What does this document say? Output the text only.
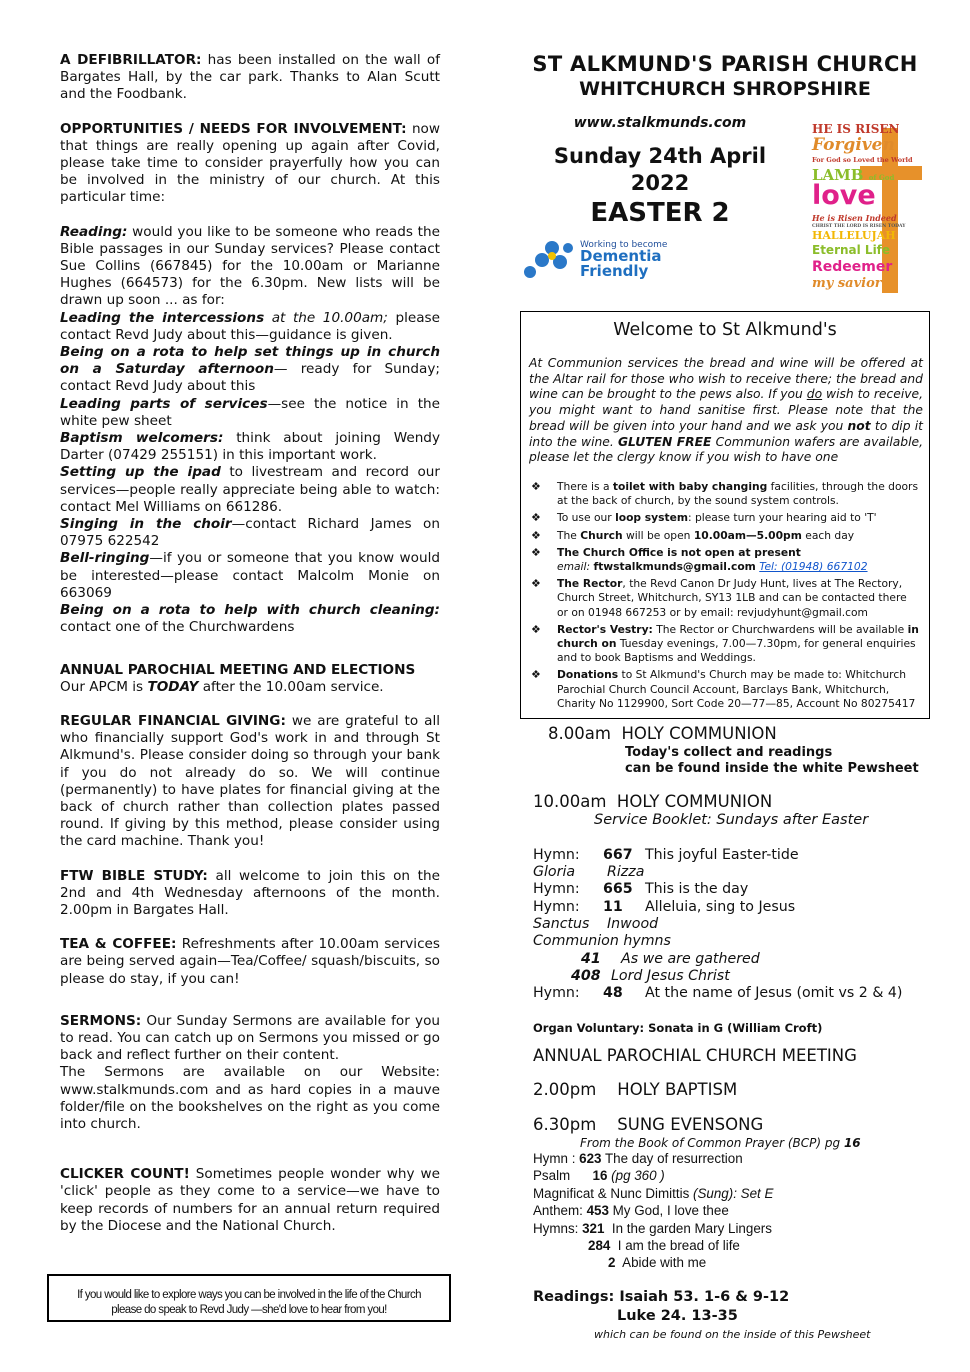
A DEFIBRILLATOR: has been installed on the wall of Bargates Hall, by the car park. Thanks to Alan Scutt and the Foodbank.

OPPORTUNITIES / NEEDS FOR INVOLVEMENT: now that things are really opening up again after Covid, please take time to consider prayerfully how you can be involved in the ministry of our church. At this particular time:

Reading: would you like to be someone who reads the Bible passages in our Sunday services? Please contact Sue Collins (667845) for the 10.00am or Marianne Hughes (664573) for the 6.30pm. New lists will be drawn up soon ... as for:

Leading the intercessions at the 10.00am; please contact Revd Judy about this—guidance is given.

Being on a rota to help set things up in church on a Saturday afternoon— ready for Sunday; contact Revd Judy about this

Leading parts of services—see the notice in the white pew sheet

Baptism welcomers: think about joining Wendy Darter (07429 255151) in this important work.

Setting up the ipad to livestream and record our services—people really appreciate being able to watch: contact Mel Williams on 661286.

Singing in the choir—contact Richard James on 07975 622542

Bell-ringing—if you or someone that you know would be interested—please contact Malcolm Monie on 663069

Being on a rota to help with church cleaning: contact one of the Churchwardens

ANNUAL PAROCHIAL MEETING AND ELECTIONS

Our APCM is TODAY after the 10.00am service.

REGULAR FINANCIAL GIVING: we are grateful to all who financially support God's work in and through St Alkmund's. Please consider doing so through your bank if you do not already do so. We will continue (permanently) to have plates for financial giving at the back of church rather than collection plates passed round. If giving by this method, please consider using the card machine. Thank you!

FTW BIBLE STUDY: all welcome to join this on the 2nd and 4th Wednesday afternoons of the month. 2.00pm in Bargates Hall.

TEA & COFFEE: Refreshments after 10.00am services are being served again—Tea/Coffee/ squash/biscuits, so please do stay, if you can!

SERMONS: Our Sunday Sermons are available for you to read. You can catch up on Sermons you missed or go back and reflect further on their content.

The Sermons are available on our Website: www.stalkmunds.com and as hard copies in a mauve folder/file on the bookshelves on the right as you come into church.

CLICKER COUNT! Sometimes people wonder why we 'click' people as they come to a service—we have to keep records of numbers for an annual return required by the Diocese and the National Church.

If you would like to explore ways you can be involved in the life of the Church
please do speak to Revd Judy —she'd love to hear from you!
ST ALKMUND'S PARISH CHURCH
WHITCHURCH SHROPSHIRE
www.stalkmunds.com
Sunday 24th April
2022
EASTER 2
Working to become
Dementia
Friendly
HE IS RISEN
Forgiven
For God so Loved the World
LAMB of God
love
He is Risen Indeed
CHRIST THE LORD IS RISEN TODAY
HALLELUJAH
Eternal Life
Redeemer
my savior
Welcome to St Alkmund's
At Communion services the bread and wine will be offered at the Altar rail for those who wish to receive there; the bread and wine can be brought to the pews also. If you do wish to receive, you might want to hand sanitise first. Please note that the bread will be given into your hand and we ask you not to dip it into the wine. GLUTEN FREE Communion wafers are available, please let the clergy know if you wish to have one
❖ There is a toilet with baby changing facilities, through the doors at the back of church, by the sound system controls.
❖ To use our loop system: please turn your hearing aid to 'T'
❖ The Church will be open 10.00am—5.00pm each day
❖ The Church Office is not open at present
email: ftwstalkmunds@gmail.com Tel: (01948) 667102
❖ The Rector, the Revd Canon Dr Judy Hunt, lives at The Rectory, Church Street, Whitchurch, SY13 1LB and can be contacted there or on 01948 667253 or by email: revjudyhunt@gmail.com
❖ Rector's Vestry: The Rector or Churchwardens will be available in church on Tuesday evenings, 7.00—7.30pm, for general enquiries and to book Baptisms and Weddings.
❖ Donations to St Alkmund's Church may be made to: Whitchurch Parochial Church Council Account, Barclays Bank, Whitchurch, Charity No 1129900, Sort Code 20—77—85, Account No 80275417
8.00am HOLY COMMUNION
Today's collect and readings
can be found inside the white Pewsheet
10.00am HOLY COMMUNION
Service Booklet: Sundays after Easter
Hymn: 667 This joyful Easter-tide
Gloria Rizza
Hymn: 665 This is the day
Hymn: 11 Alleluia, sing to Jesus
Sanctus Inwood
Communion hymns
41 As we are gathered
408 Lord Jesus Christ
Hymn: 48 At the name of Jesus (omit vs 2 & 4)
Organ Voluntary: Sonata in G (William Croft)
ANNUAL PAROCHIAL CHURCH MEETING
2.00pm HOLY BAPTISM
6.30pm SUNG EVENSONG
From the Book of Common Prayer (BCP) pg 16
Hymn : 623 The day of resurrection
Psalm      16 (pg 360 )
Magnificat & Nunc Dimittis (Sung): Set E
Anthem: 453 My God, I love thee
Hymns: 321  In the garden Mary Lingers
284  I am the bread of life
2  Abide with me
Readings: Isaiah 53. 1-6 & 9-12
Luke 24. 13-35
which can be found on the inside of this Pewsheet
